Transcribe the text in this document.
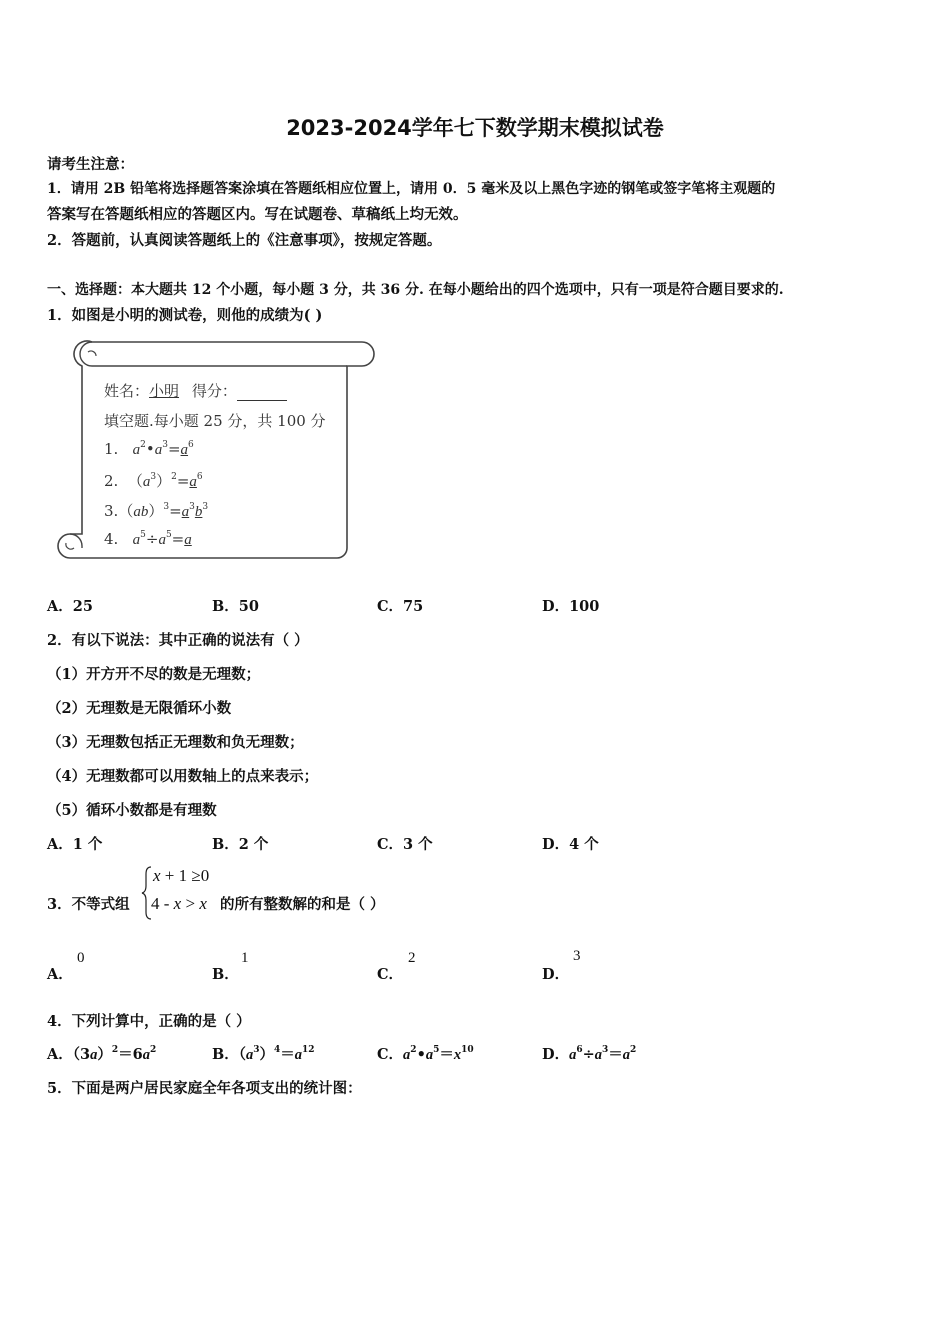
2023-2024学年七下数学期末模拟试卷
请考生注意：
1．请用 2B 铅笔将选择题答案涂填在答题纸相应位置上，请用 0．5 毫米及以上黑色字迹的钢笔或签字笔将主观题的
答案写在答题纸相应的答题区内。写在试题卷、草稿纸上均无效。
2．答题前，认真阅读答题纸上的《注意事项》，按规定答题。
一、选择题：本大题共 12 个小题，每小题 3 分，共 36 分. 在每小题给出的四个选项中，只有一项是符合题目要求的.
1．如图是小明的测试卷，则他的成绩为( )
姓名：小明 得分：
填空题.每小题 25 分，共 100 分
1. $a^2•a^3=a^6$
2.  $(a^3)^2=a^6$
$3.(ab)^3=a^3b^3$
4. $a^5\div a^5=a$
A．25	B．50	C．75	D．100
2．有以下说法：其中正确的说法有（ ）
（1）开方开不尽的数是无理数；
（2）无理数是无限循环小数
（3）无理数包括正无理数和负无理数；
（4）无理数都可以用数轴上的点来表示；
（5）循环小数都是有理数
A．1 个	B．2 个	C．3 个	D．4 个
3．不等式组
x + 1 ≥0
4 - x > x 的所有整数解的和是（ ）
A．
0
B．
1
C．
2
D．
3
4．下列计算中，正确的是（ ）
A．$(3a)^2=6a^2$	B．$(a^3)^4=a^{12}$	C．$a^2•a^5=x^{10}$	D．$a^6\div a^3=a^2$
5．下面是两户居民家庭全年各项支出的统计图：
